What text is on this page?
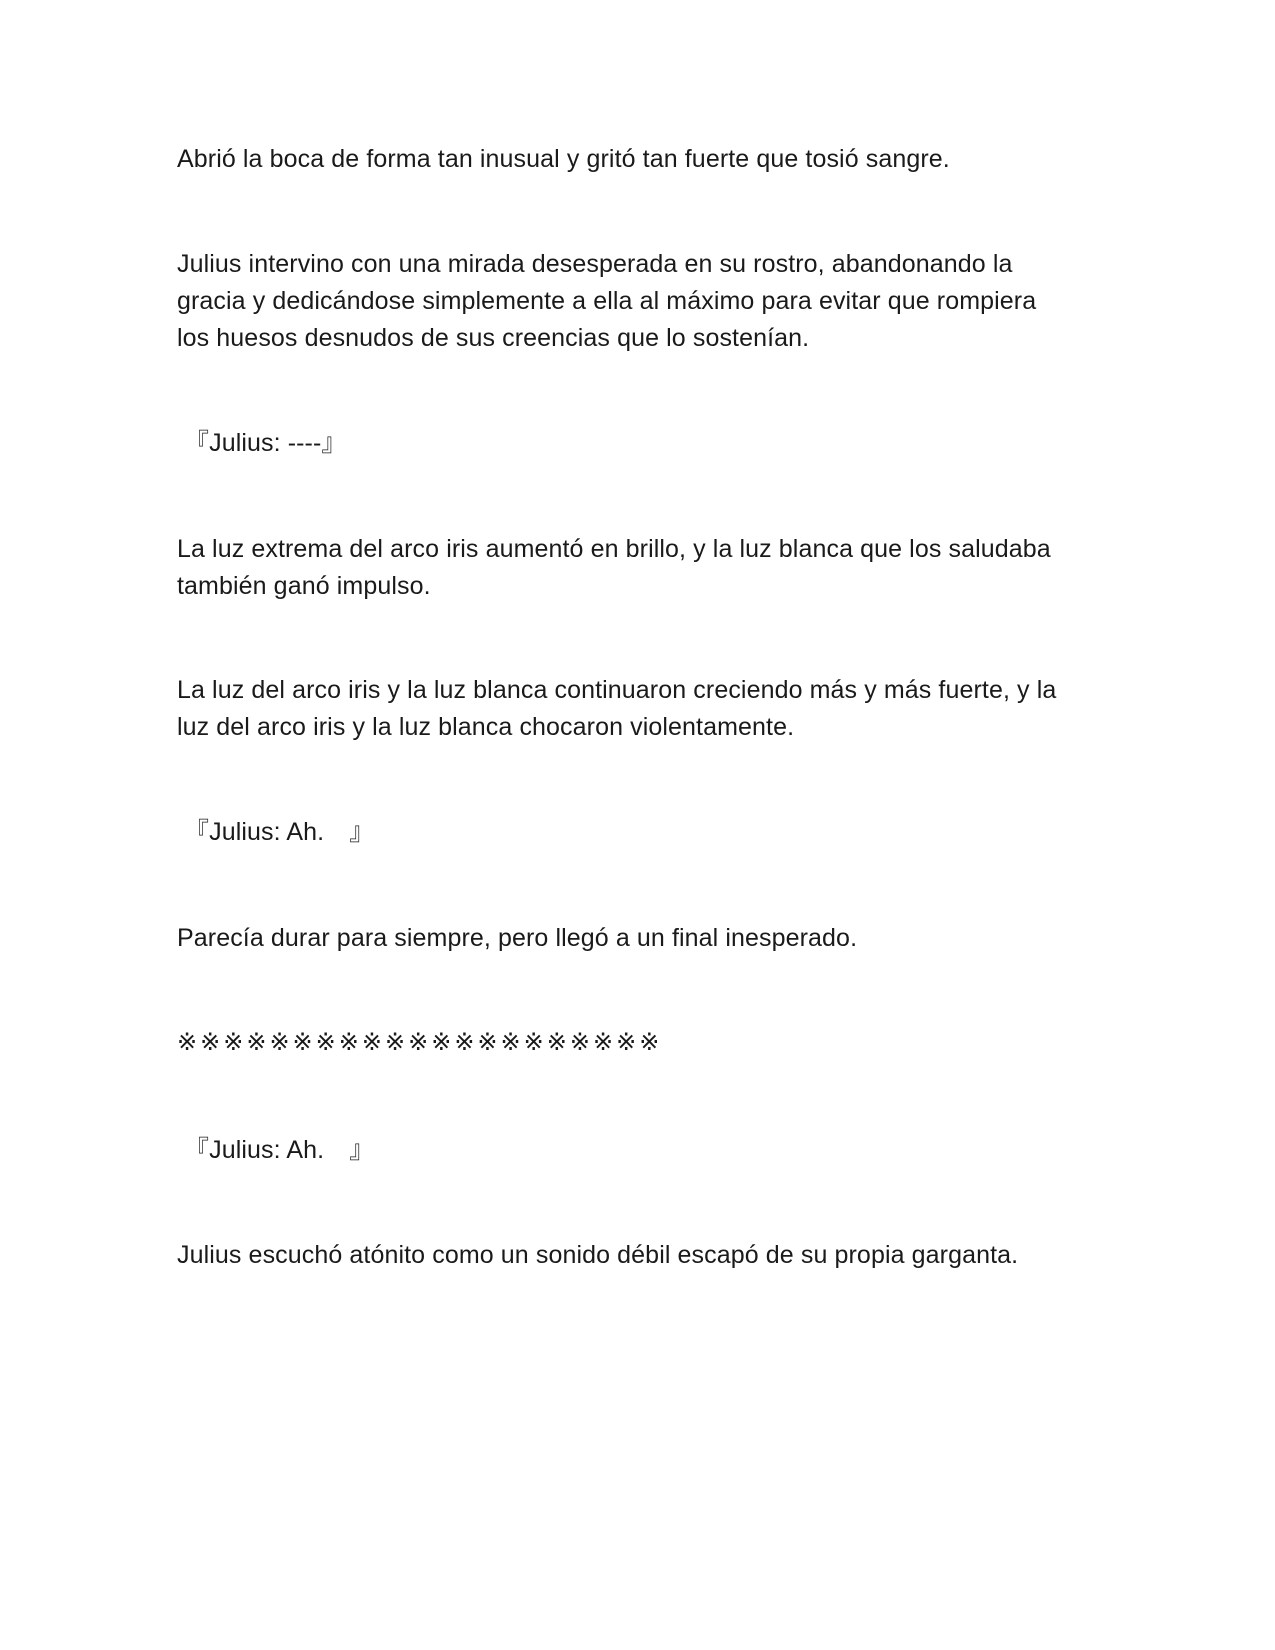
Abrió la boca de forma tan inusual y gritó tan fuerte que tosió sangre.
Julius intervino con una mirada desesperada en su rostro, abandonando la
gracia y dedicándose simplemente a ella al máximo para evitar que rompiera
los huesos desnudos de sus creencias que lo sostenían.
『Julius: ----』
La luz extrema del arco iris aumentó en brillo, y la luz blanca que los saludaba
también ganó impulso.
La luz del arco iris y la luz blanca continuaron creciendo más y más fuerte, y la
luz del arco iris y la luz blanca chocaron violentamente.
『Julius: Ah.　』
Parecía durar para siempre, pero llegó a un final inesperado.
※※※※※※※※※※※※※※※※※※※※※
『Julius: Ah.　』
Julius escuchó atónito como un sonido débil escapó de su propia garganta.
